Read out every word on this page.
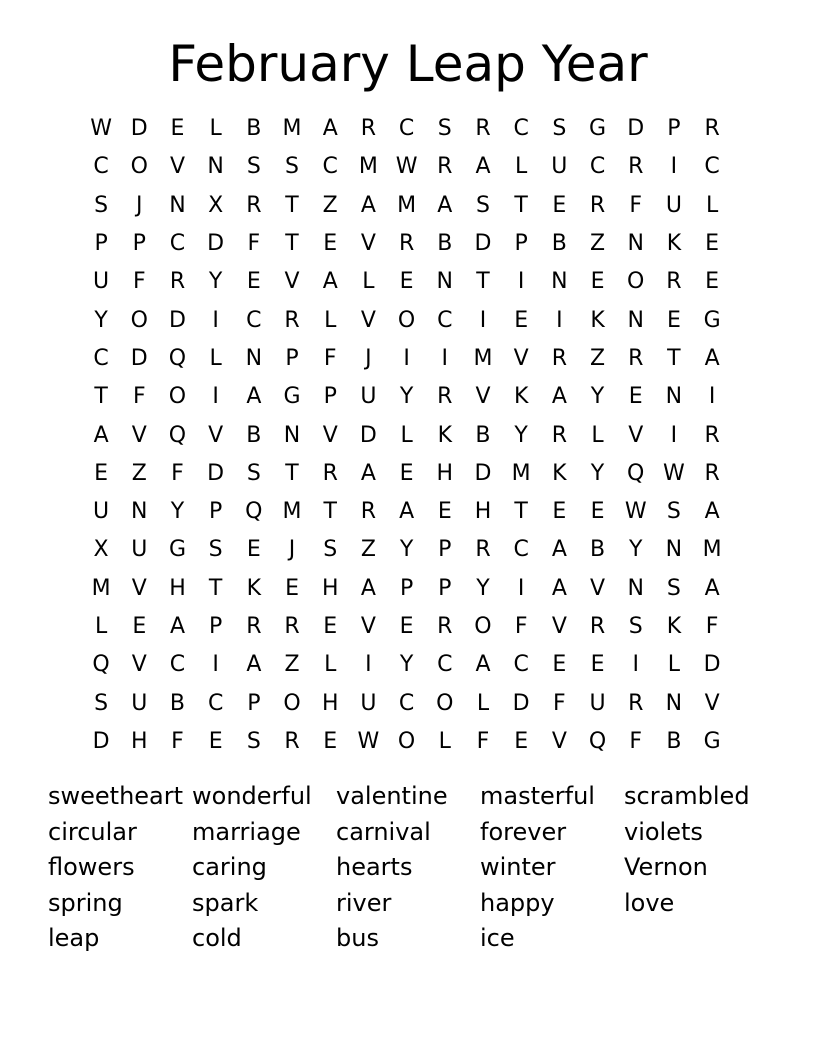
February Leap Year
W D	E	L	B M A	R	C	S	R	C	S	G D	P	R
C O	V	N	S	S	C M W R	A	L	U	C	R	I	C
S	J	N	X	R	T	Z	A M A	S	T	E	R	F	U	L
P	P	C	D	F	T	E	V	R	B	D	P	B	Z	N	K	E
U	F	R	Y	E	V	A	L	E	N	T	I	N	E	O R	E
Y	O D	I	C	R	L	V O C	I	E	I	K	N	E	G
C	D Q	L	N	P	F	J	I	I	M V	R	Z	R	T	A
T	F	O	I	A	G	P	U	Y	R	V	K	A	Y	E	N	I
A	V Q	V	B	N	V	D	L	K	B	Y	R	L	V	I	R
E	Z	F	D	S	T	R	A	E	H D M K	Y	Q W R
U N	Y	P	Q M T	R	A	E	H	T	E	E W S	A
X	U G	S	E	J	S	Z	Y	P	R	C	A	B	Y	N M
M V	H	T	K	E	H	A	P	P	Y	I	A	V	N	S	A
L	E	A	P	R	R	E	V	E	R O	F	V	R	S	K	F
Q	V	C	I	A	Z	L	I	Y	C	A	C	E	E	I	L	D
S	U	B	C	P	O H U	C O	L	D	F	U	R	N	V
D H	F	E	S	R	E W O	L	F	E	V Q	F	B	G
sweetheart wonderful	valentine	masterful	scrambled
circular	marriage	carnival	forever	violets
flowers	caring	hearts	winter	Vernon
spring	spark	river	happy	love
leap	cold	bus	ice
